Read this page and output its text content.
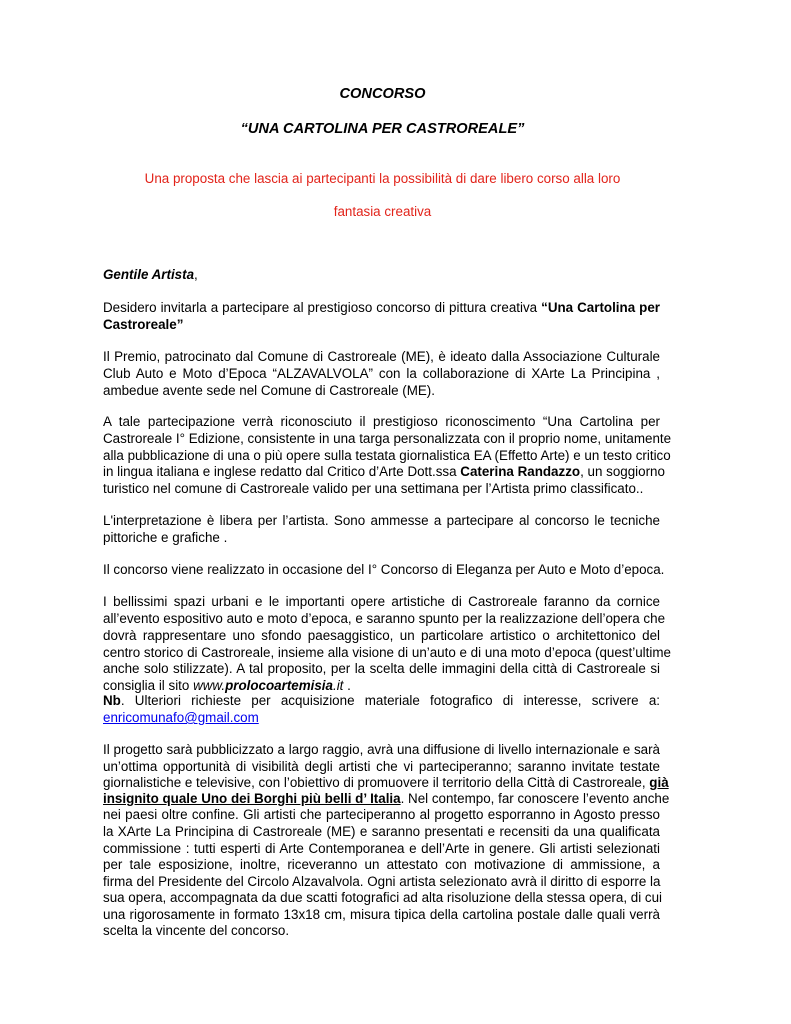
CONCORSO
“UNA CARTOLINA PER CASTROREALE”
Una proposta che lascia ai partecipanti la possibilità di dare libero corso alla loro
fantasia creativa
Gentile Artista,
Desidero invitarla a partecipare al prestigioso concorso di pittura creativa “Una Cartolina per
Castroreale”
Il Premio, patrocinato dal Comune di Castroreale (ME), è ideato dalla Associazione Culturale
Club Auto e Moto d’Epoca “ALZAVALVOLA” con la collaborazione di XArte La Principina ,
ambedue avente sede nel Comune di Castroreale (ME).
A tale partecipazione verrà riconosciuto il prestigioso riconoscimento “Una Cartolina per
Castroreale I° Edizione, consistente in una targa personalizzata con il proprio nome, unitamente
alla pubblicazione di una o più opere sulla testata giornalistica EA (Effetto Arte) e un testo critico
in lingua italiana e inglese redatto dal Critico d’Arte Dott.ssa Caterina Randazzo, un soggiorno
turistico nel comune di Castroreale valido per una settimana per l’Artista primo classificato..
L'interpretazione è libera per l’artista. Sono ammesse a partecipare al concorso le tecniche
pittoriche e grafiche .
Il concorso viene realizzato in occasione del I° Concorso di Eleganza per Auto e Moto d’epoca.
I bellissimi spazi urbani e le importanti opere artistiche di Castroreale faranno da cornice
all’evento espositivo auto e moto d’epoca, e saranno spunto per la realizzazione dell’opera che
dovrà rappresentare uno sfondo paesaggistico, un particolare artistico o architettonico del
centro storico di Castroreale, insieme alla visione di un’auto e di una moto d’epoca (quest’ultime
anche solo stilizzate). A tal proposito, per la scelta delle immagini della città di Castroreale si
consiglia il sito www.prolocoartemisia.it .
Nb. Ulteriori richieste per acquisizione materiale fotografico di interesse, scrivere a:
enricomunafo@gmail.com
Il progetto sarà pubblicizzato a largo raggio, avrà una diffusione di livello internazionale e sarà
un’ottima opportunità di visibilità degli artisti che vi parteciperanno; saranno invitate testate
giornalistiche e televisive, con l’obiettivo di promuovere il territorio della Città di Castroreale, già
insignito quale Uno dei Borghi più belli d’ Italia. Nel contempo, far conoscere l’evento anche
nei paesi oltre confine. Gli artisti che parteciperanno al progetto esporranno in Agosto presso
la XArte La Principina di Castroreale (ME) e saranno presentati e recensiti da una qualificata
commissione : tutti esperti di Arte Contemporanea e dell’Arte in genere. Gli artisti selezionati
per tale esposizione, inoltre, riceveranno un attestato con motivazione di ammissione, a
firma del Presidente del Circolo Alzavalvola. Ogni artista selezionato avrà il diritto di esporre la
sua opera, accompagnata da due scatti fotografici ad alta risoluzione della stessa opera, di cui
una rigorosamente in formato 13x18 cm, misura tipica della cartolina postale dalle quali verrà
scelta la vincente del concorso.
